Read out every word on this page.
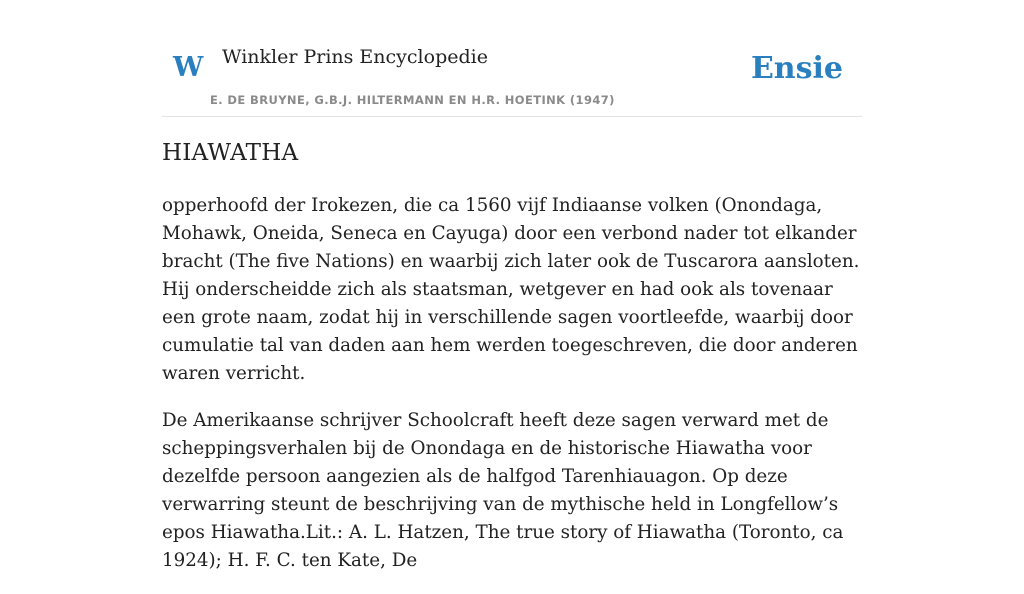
W Winkler Prins Encyclopedie
E. DE BRUYNE, G.B.J. HILTERMANN EN H.R. HOETINK (1947)
Ensie
HIAWATHA

opperhoofd der Irokezen, die ca 1560 vijf Indiaanse volken (Onondaga, Mohawk, Oneida, Seneca en Cayuga) door een verbond nader tot elkander bracht (The five Nations) en waarbij zich later ook de Tuscarora aansloten. Hij onderscheidde zich als staatsman, wetgever en had ook als tovenaar een grote naam, zodat hij in verschillende sagen voortleefde, waarbij door cumulatie tal van daden aan hem werden toegeschreven, die door anderen waren verricht.

De Amerikaanse schrijver Schoolcraft heeft deze sagen verward met de scheppingsverhalen bij de Onondaga en de historische Hiawatha voor dezelfde persoon aangezien als de halfgod Tarenhiauagon. Op deze verwarring steunt de beschrijving van de mythische held in Longfellow’s epos Hiawatha.Lit.: A. L. Hatzen, The true story of Hiawatha (Toronto, ca 1924); H. F. C. ten Kate, De
